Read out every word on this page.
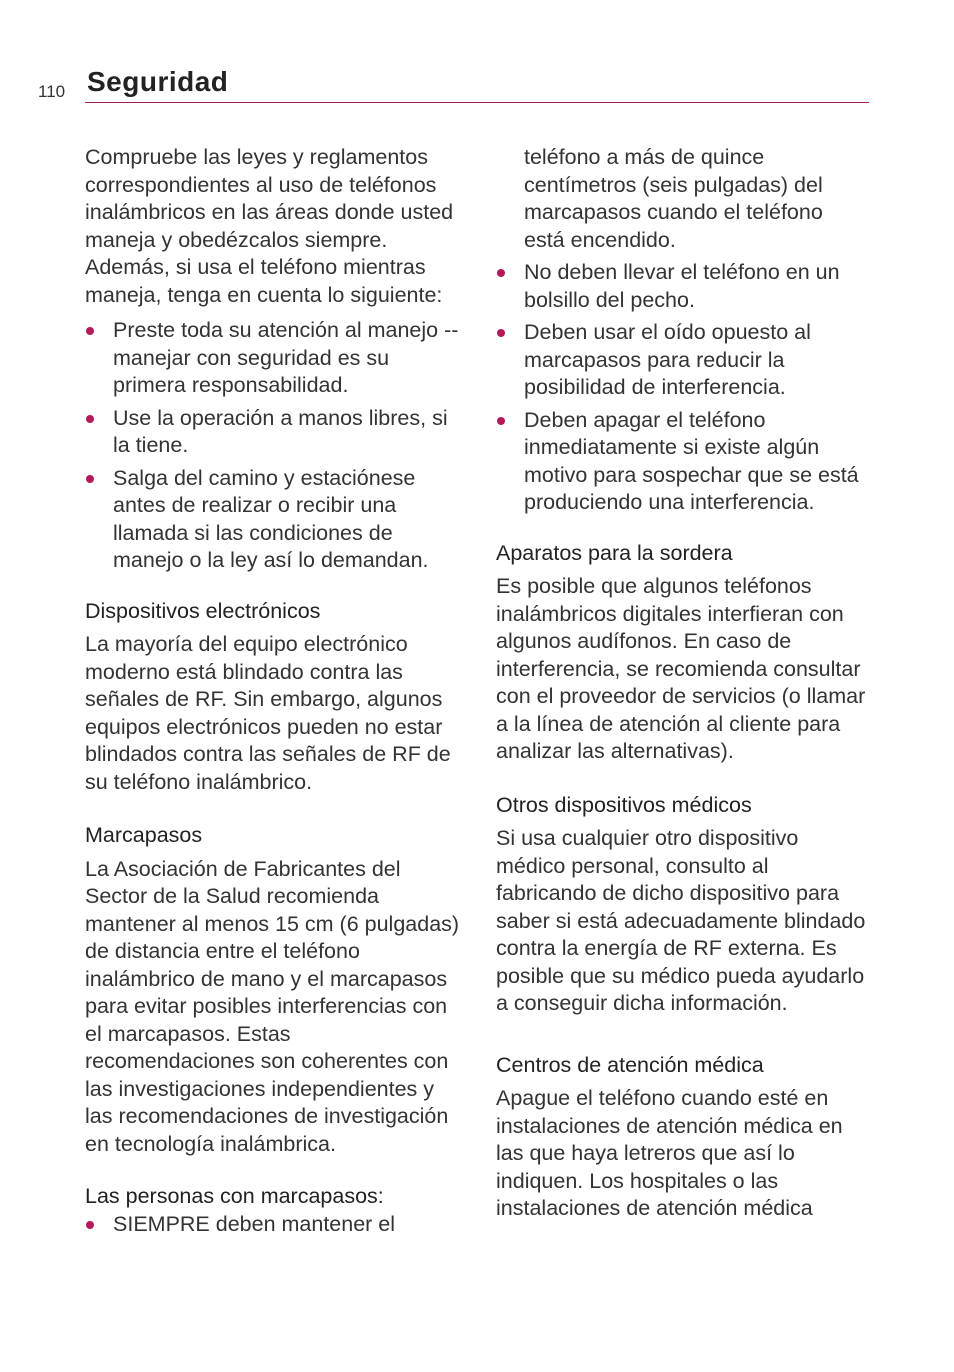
110 Seguridad

Compruebe las leyes y reglamentos correspondientes al uso de teléfonos inalámbricos en las áreas donde usted maneja y obedézcalos siempre. Además, si usa el teléfono mientras maneja, tenga en cuenta lo siguiente:

Preste toda su atención al manejo -- manejar con seguridad es su primera responsabilidad.
Use la operación a manos libres, si la tiene.
Salga del camino y estaciónese antes de realizar o recibir una llamada si las condiciones de manejo o la ley así lo demandan.
Dispositivos electrónicos

La mayoría del equipo electrónico moderno está blindado contra las señales de RF. Sin embargo, algunos equipos electrónicos pueden no estar blindados contra las señales de RF de su teléfono inalámbrico.

Marcapasos

La Asociación de Fabricantes del Sector de la Salud recomienda mantener al menos 15 cm (6 pulgadas) de distancia entre el teléfono inalámbrico de mano y el marcapasos para evitar posibles interferencias con el marcapasos. Estas recomendaciones son coherentes con las investigaciones independientes y las recomendaciones de investigación en tecnología inalámbrica.

Las personas con marcapasos:
SIEMPRE deben mantener el

teléfono a más de quince centímetros (seis pulgadas) del marcapasos cuando el teléfono está encendido.

No deben llevar el teléfono en un bolsillo del pecho.
Deben usar el oído opuesto al marcapasos para reducir la posibilidad de interferencia.
Deben apagar el teléfono inmediatamente si existe algún motivo para sospechar que se está produciendo una interferencia.
Aparatos para la sordera

Es posible que algunos teléfonos inalámbricos digitales interfieran con algunos audífonos. En caso de interferencia, se recomienda consultar con el proveedor de servicios (o llamar a la línea de atención al cliente para analizar las alternativas).

Otros dispositivos médicos

Si usa cualquier otro dispositivo médico personal, consulto al fabricando de dicho dispositivo para saber si está adecuadamente blindado contra la energía de RF externa. Es posible que su médico pueda ayudarlo a conseguir dicha información.

Centros de atención médica

Apague el teléfono cuando esté en instalaciones de atención médica en las que haya letreros que así lo indiquen. Los hospitales o las instalaciones de atención médica
